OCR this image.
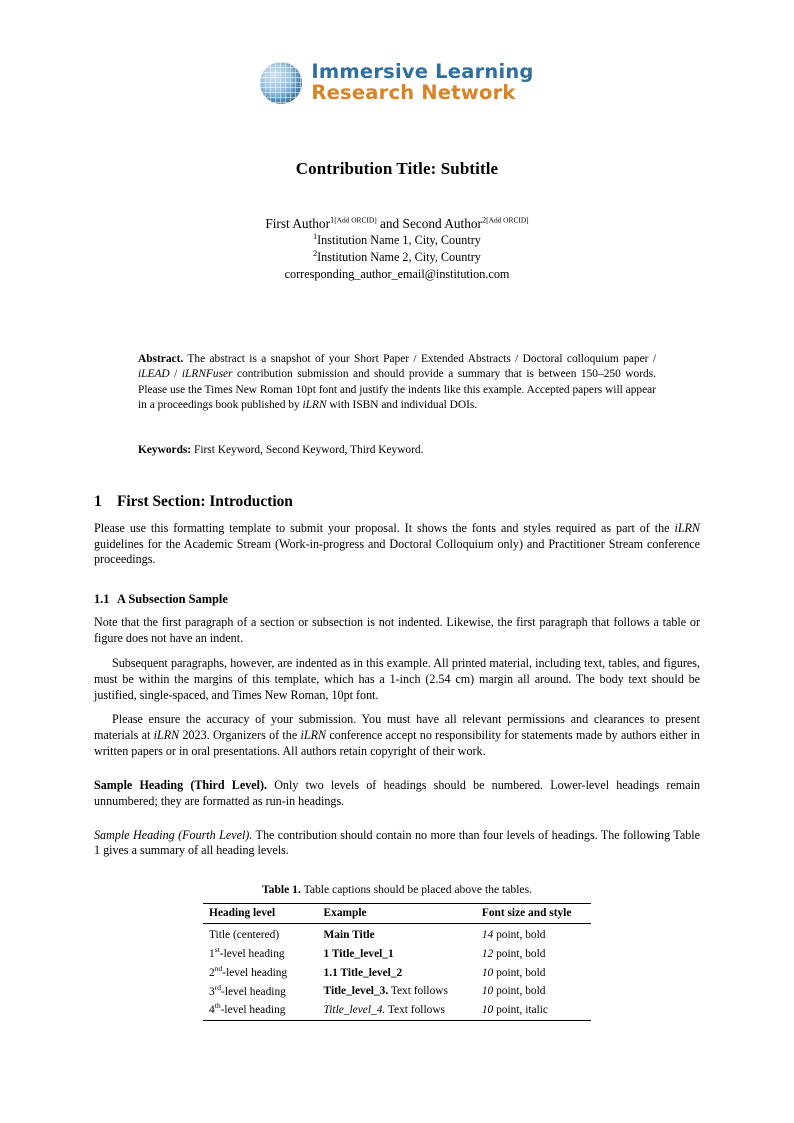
Immersive Learning
Research Network
Contribution Title: Subtitle
First Author$^{1[Add ORCID]}$ and Second Author$^{2[Add ORCID]}$
$^1$Institution Name 1, City, Country
$^2$Institution Name 2, City, Country
corresponding_author_email@institution.com
Abstract. The abstract is a snapshot of your Short Paper / Extended Abstracts / Doctoral colloquium paper / iLEAD / iLRNFuser contribution submission and should provide a summary that is between 150–250 words. Please use the Times New Roman 10pt font and justify the indents like this example. Accepted papers will appear in a proceedings book published by iLRN with ISBN and individual DOIs.
Keywords: First Keyword, Second Keyword, Third Keyword.
1 First Section: Introduction

Please use this formatting template to submit your proposal. It shows the fonts and styles required as part of the iLRN guidelines for the Academic Stream (Work-in-progress and Doctoral Colloquium only) and Practitioner Stream conference proceedings.

1.1 A Subsection Sample

Note that the first paragraph of a section or subsection is not indented. Likewise, the first paragraph that follows a table or figure does not have an indent.

Subsequent paragraphs, however, are indented as in this example. All printed material, including text, tables, and figures, must be within the margins of this template, which has a 1-inch (2.54 cm) margin all around. The body text should be justified, single-spaced, and Times New Roman, 10pt font.

Please ensure the accuracy of your submission. You must have all relevant permissions and clearances to present materials at iLRN 2023. Organizers of the iLRN conference accept no responsibility for statements made by authors either in written papers or in oral presentations. All authors retain copyright of their work.

Sample Heading (Third Level). Only two levels of headings should be numbered. Lower-level headings remain unnumbered; they are formatted as run-in headings.

Sample Heading (Fourth Level). The contribution should contain no more than four levels of headings. The following Table 1 gives a summary of all heading levels.

Table 1. Table captions should be placed above the tables.
Heading level	Example	Font size and style
Title (centered)	Main Title	14 point, bold
1st-level heading	1 Title_level_1	12 point, bold
2nd-level heading	1.1 Title_level_2	10 point, bold
3rd-level heading	Title_level_3. Text follows	10 point, bold
4th-level heading	Title_level_4. Text follows	10 point, italic
